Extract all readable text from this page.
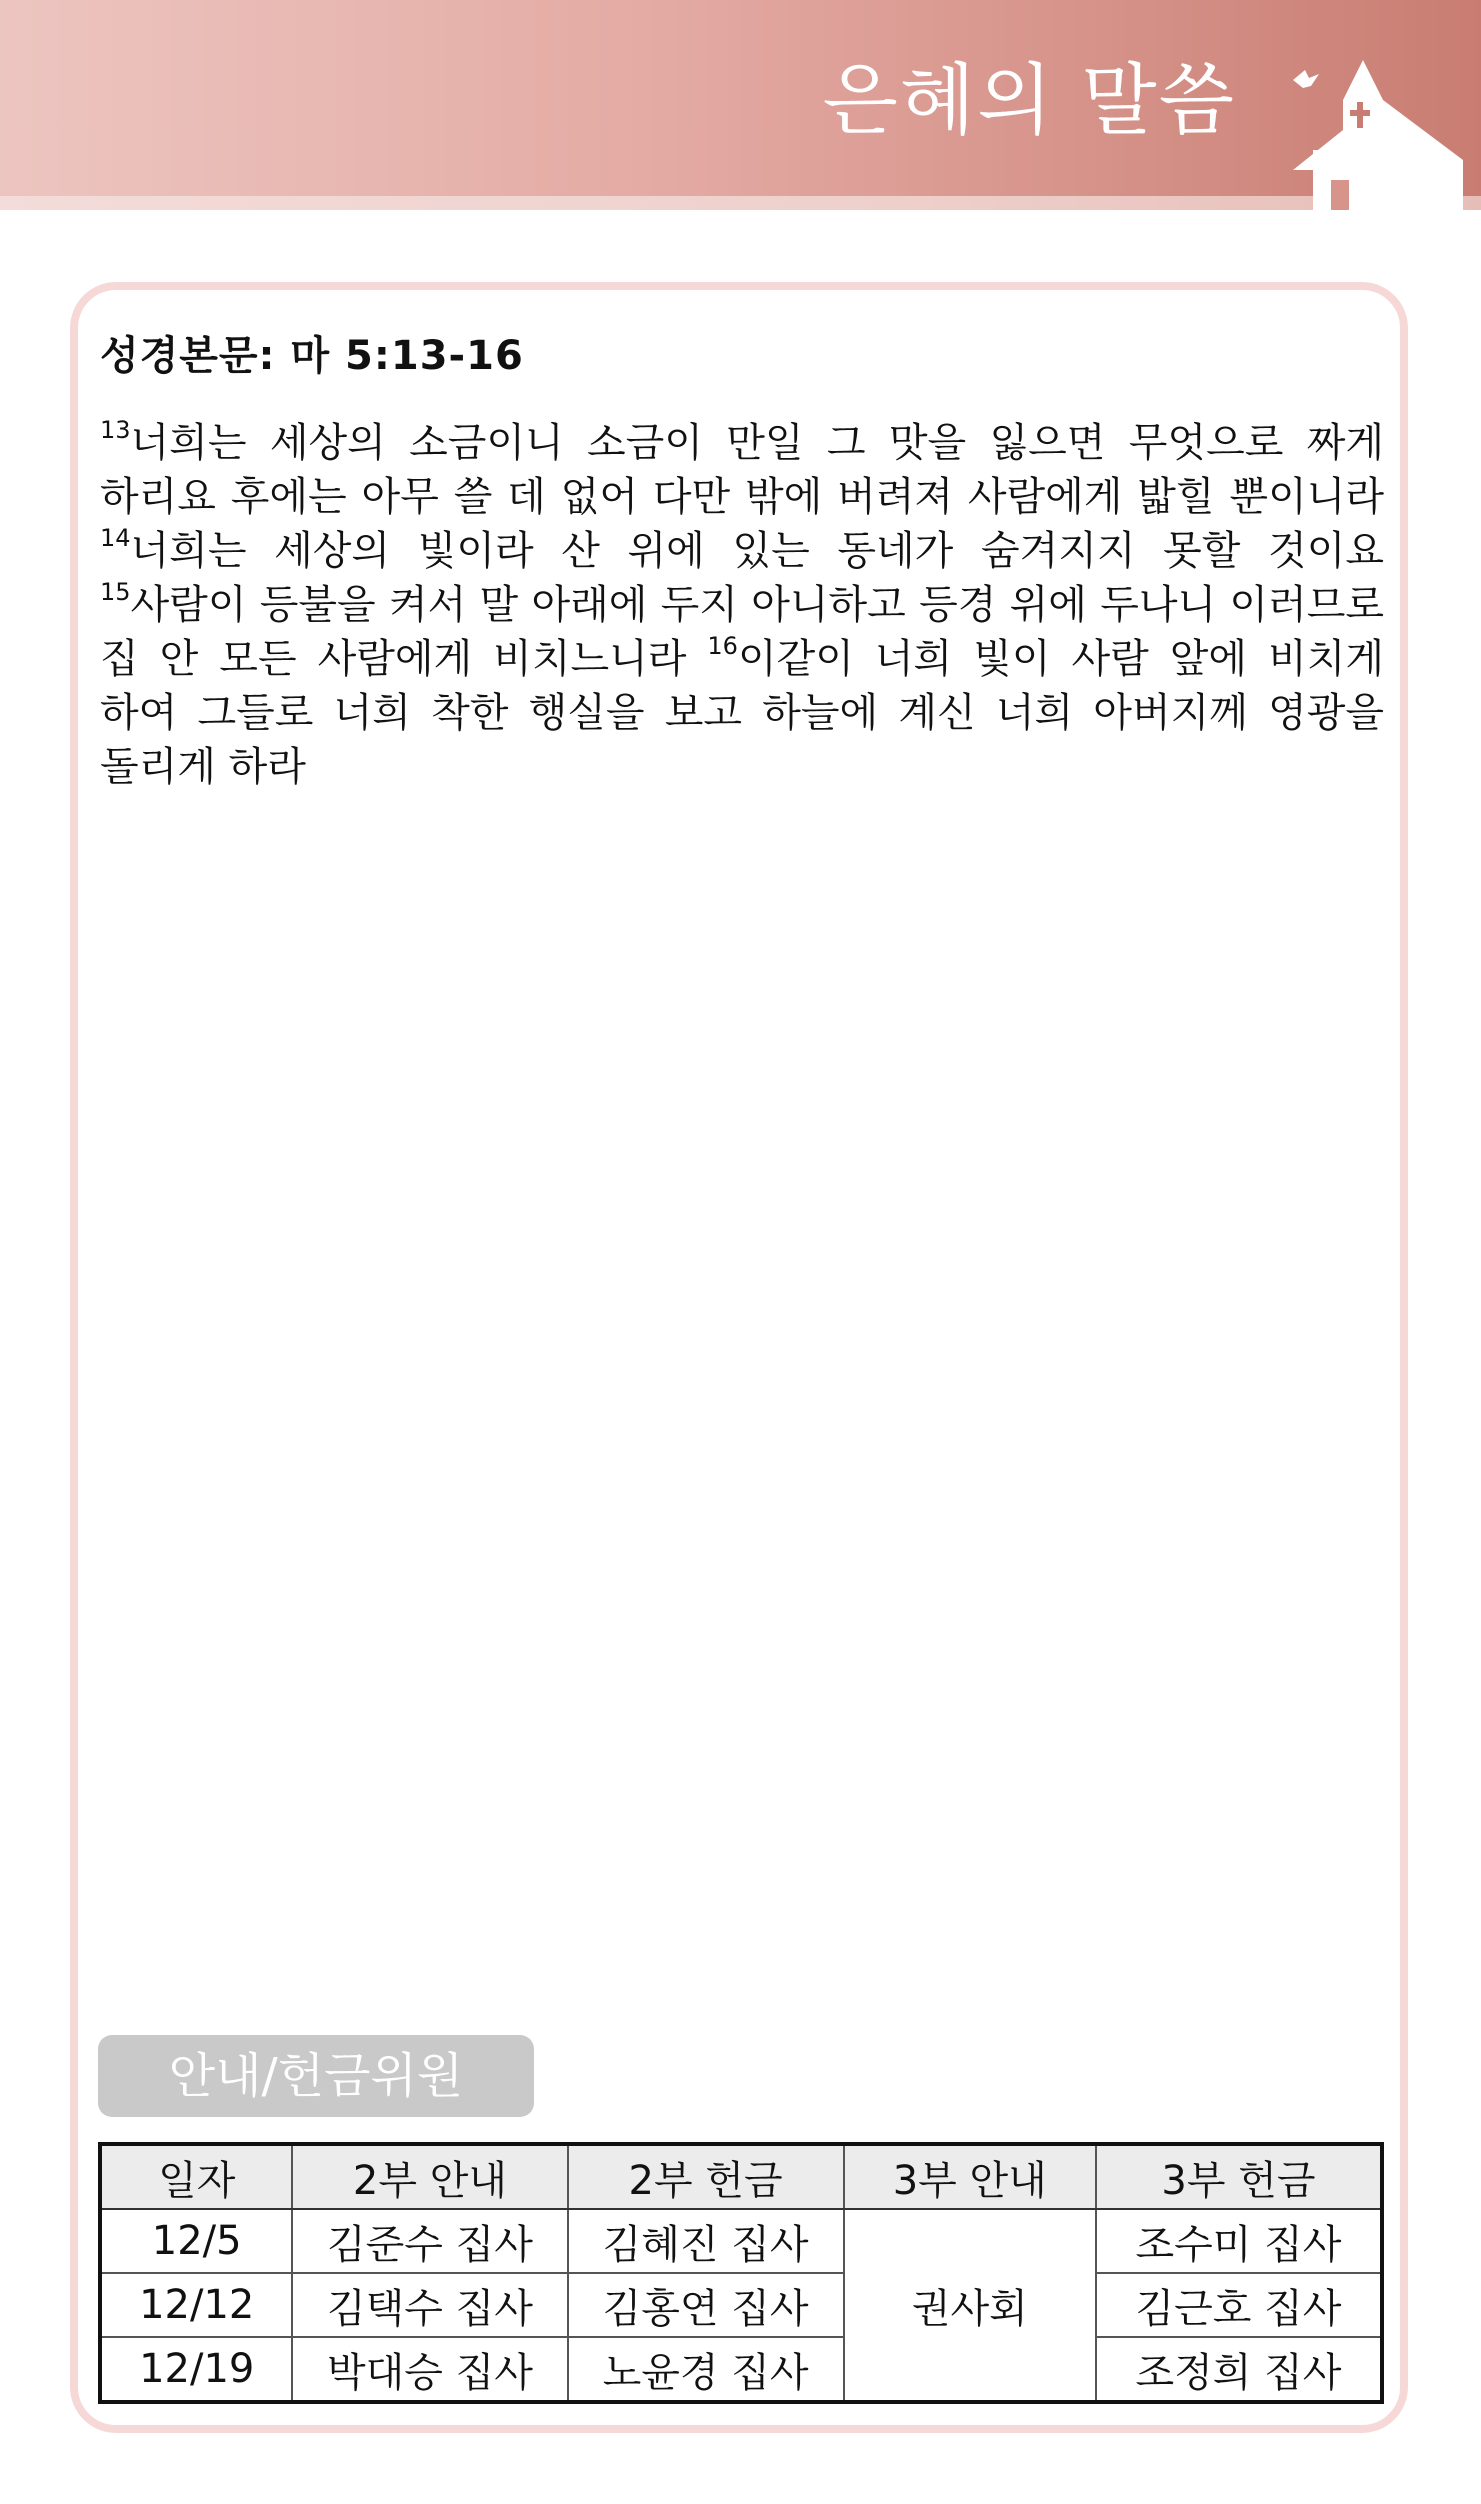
은혜의 말씀
성경본문: 마 5:13-16
$^{13}$너희는 세상의 소금이니 소금이 만일 그 맛을 잃으면 무엇으로 짜게 하리요 후에는 아무 쓸 데 없어 다만 밖에 버려져 사람에게 밟힐 뿐이니라 $^{14}$너희는 세상의 빛이라 산 위에 있는 동네가 숨겨지지 못할 것이요 $^{15}$사람이 등불을 켜서 말 아래에 두지 아니하고 등경 위에 두나니 이러므로 집 안 모든 사람에게 비치느니라 $^{16}$이같이 너희 빛이 사람 앞에 비치게 하여 그들로 너희 착한 행실을 보고 하늘에 계신 너희 아버지께 영광을 돌리게 하라
안내/헌금위원
일자	2부 안내	2부 헌금	3부 안내	3부 헌금
12/5	김준수 집사	김혜진 집사	권사회	조수미 집사
12/12	김택수 집사	김홍연 집사		김근호 집사
12/19	박대승 집사	노윤경 집사		조정희 집사
